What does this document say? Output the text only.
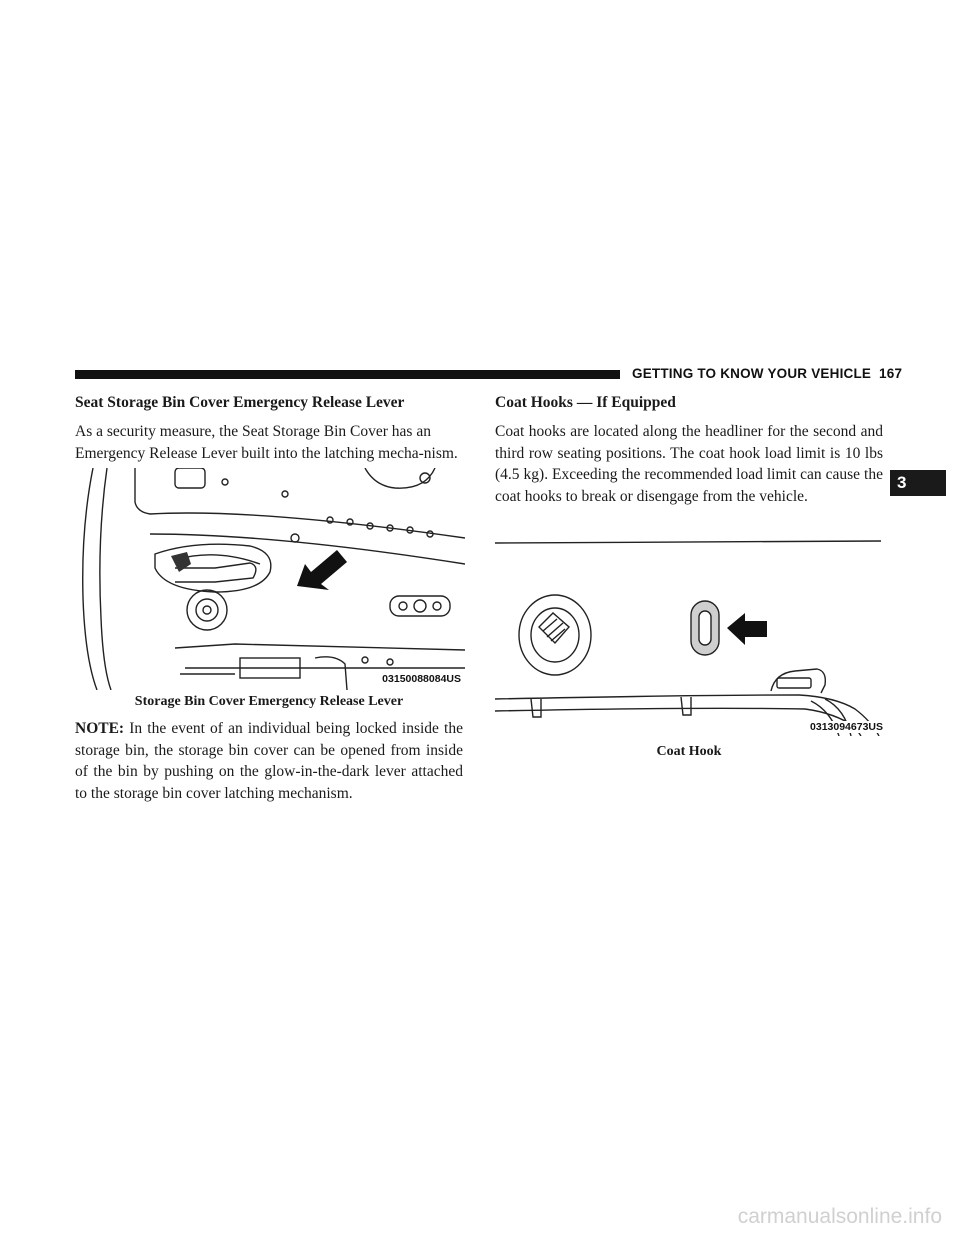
GETTING TO KNOW YOUR VEHICLE 167
3
Seat Storage Bin Cover Emergency Release Lever

As a security measure, the Seat Storage Bin Cover has an Emergency Release Lever built into the latching mecha-nism.

03150088084US
Storage Bin Cover Emergency Release Lever

NOTE: In the event of an individual being locked inside the storage bin, the storage bin cover can be opened from inside of the bin by pushing on the glow-in-the-dark lever attached to the storage bin cover latching mechanism.

Coat Hooks — If Equipped

Coat hooks are located along the headliner for the second and third row seating positions. The coat hook load limit is 10 lbs (4.5 kg). Exceeding the recommended load limit can cause the coat hooks to break or disengage from the vehicle.

0313094673US
Coat Hook
carmanualsonline.info
